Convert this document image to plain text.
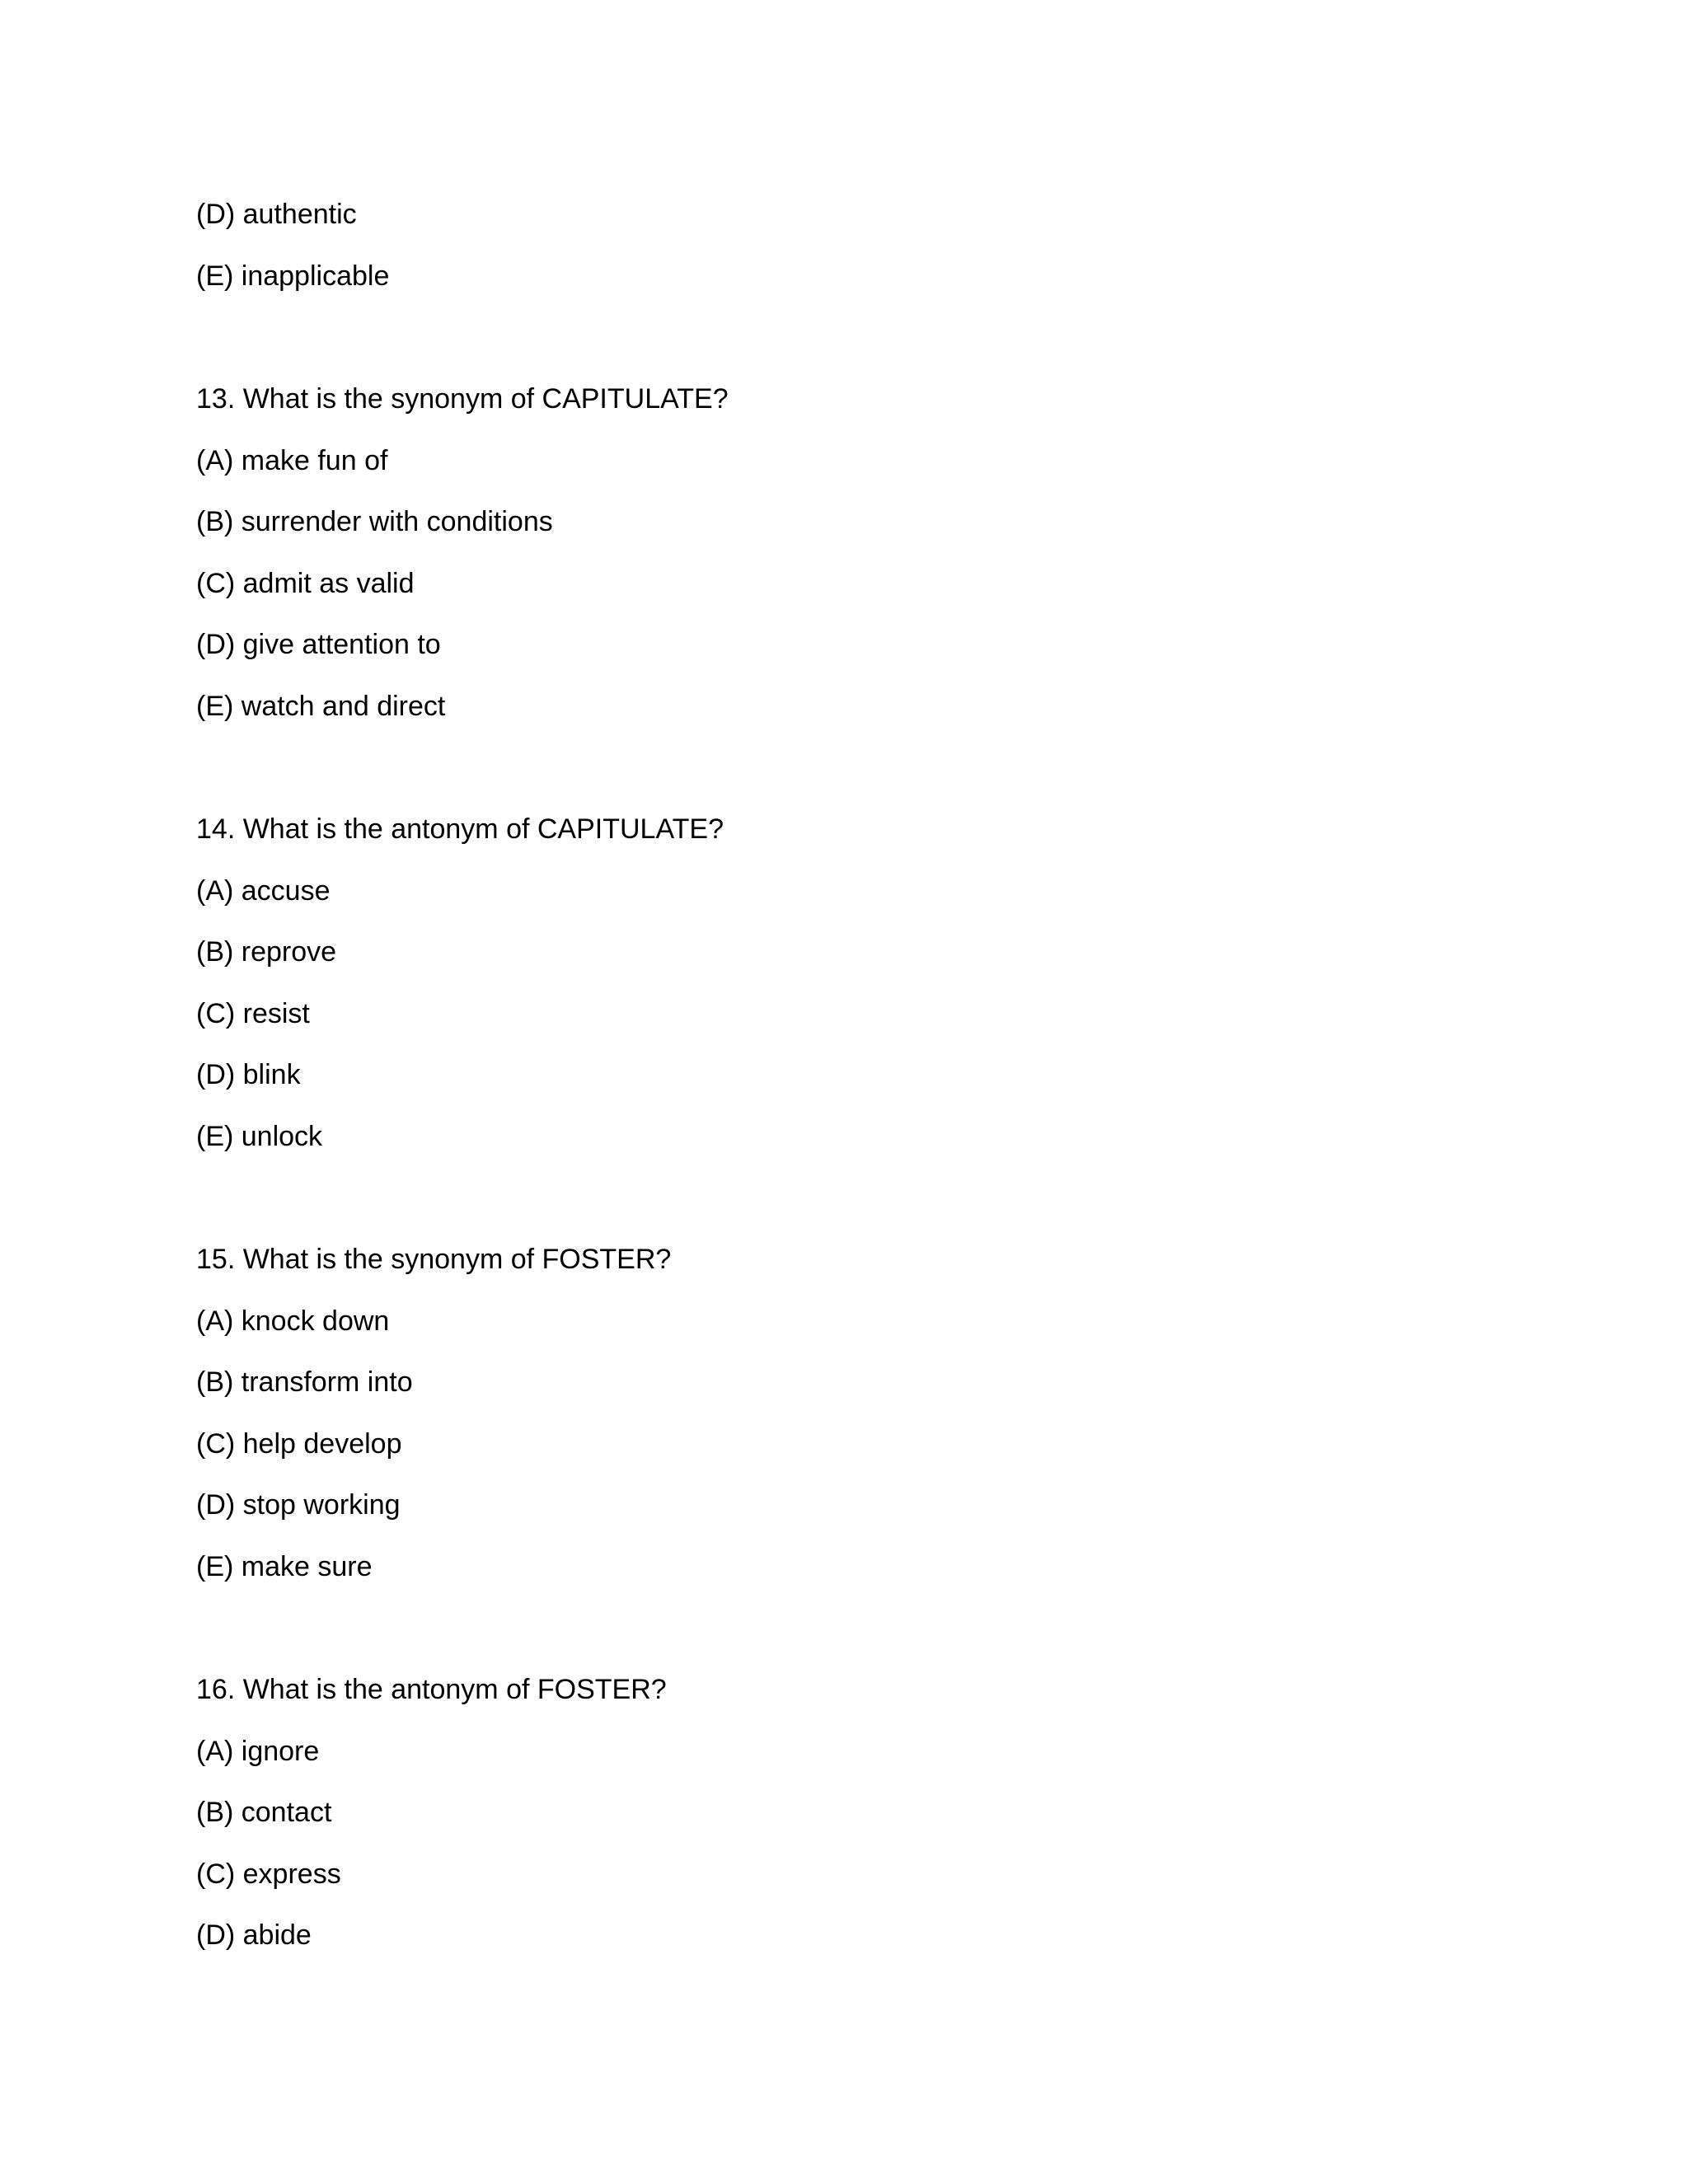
(D) authentic
(E) inapplicable
13. What is the synonym of CAPITULATE?
(A) make fun of
(B) surrender with conditions
(C) admit as valid
(D) give attention to
(E) watch and direct
14. What is the antonym of CAPITULATE?
(A) accuse
(B) reprove
(C) resist
(D) blink
(E) unlock
15. What is the synonym of FOSTER?
(A) knock down
(B) transform into
(C) help develop
(D) stop working
(E) make sure
16. What is the antonym of FOSTER?
(A) ignore
(B) contact
(C) express
(D) abide
